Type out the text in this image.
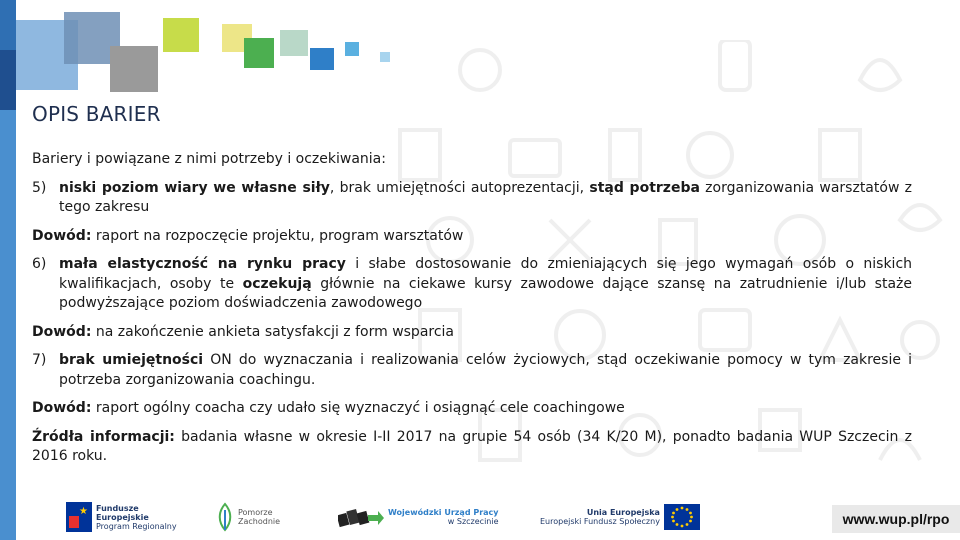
OPIS BARIER

Bariery i powiązane z nimi potrzeby i oczekiwania:

5) niski poziom wiary we własne siły, brak umiejętności autoprezentacji, stąd potrzeba zorganizowania warsztatów z tego zakresu

Dowód: raport na rozpoczęcie projektu, program warsztatów

6) mała elastyczność na rynku pracy i słabe dostosowanie do zmieniających się jego wymagań osób o niskich kwalifikacjach, osoby te oczekują głównie na ciekawe kursy zawodowe dające szansę na zatrudnienie i/lub staże podwyższające poziom doświadczenia zawodowego

Dowód: na zakończenie ankieta satysfakcji z form wsparcia

7) brak umiejętności ON do wyznaczania i realizowania celów życiowych, stąd oczekiwanie pomocy w tym zakresie i potrzeba zorganizowania coachingu.

Dowód: raport ogólny coacha czy udało się wyznaczyć i osiągnąć cele coachingowe

Źródła informacji: badania własne w okresie I-II 2017 na grupie 54 osób (34 K/20 M), ponadto badania WUP Szczecin z 2016 roku.

★ Fundusze
Europejskie
Program Regionalny
Pomorze
Zachodnie
Wojewódzki Urząd Pracy
w Szczecinie
Unia Europejska
Europejski Fundusz Społeczny	www.wup.pl/rpo
